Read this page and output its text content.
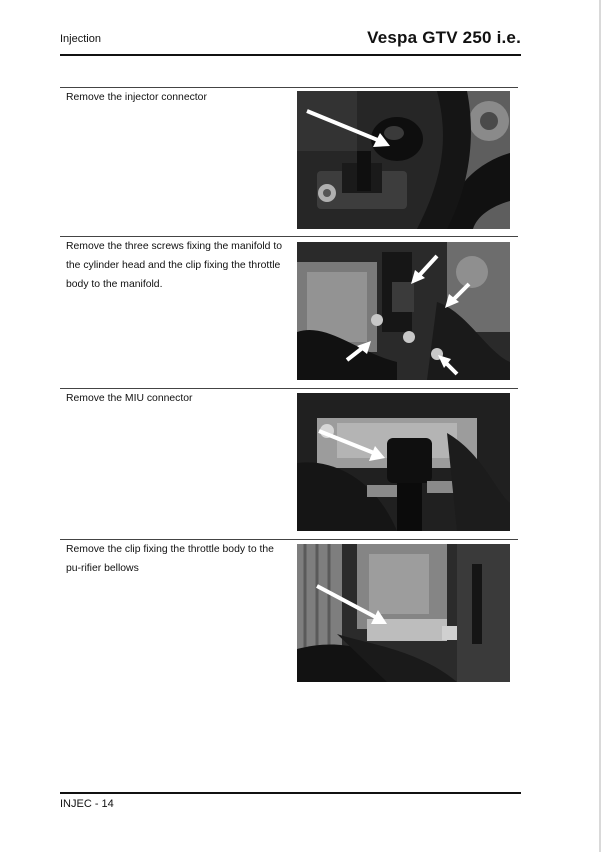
Injection	Vespa GTV 250 i.e.
Remove the injector connector
Remove the three screws fixing the manifold to the cylinder head and the clip fixing the throttle body to the manifold.
Remove the MIU connector
Remove the clip fixing the throttle body to the pu-rifier bellows
INJEC - 14
